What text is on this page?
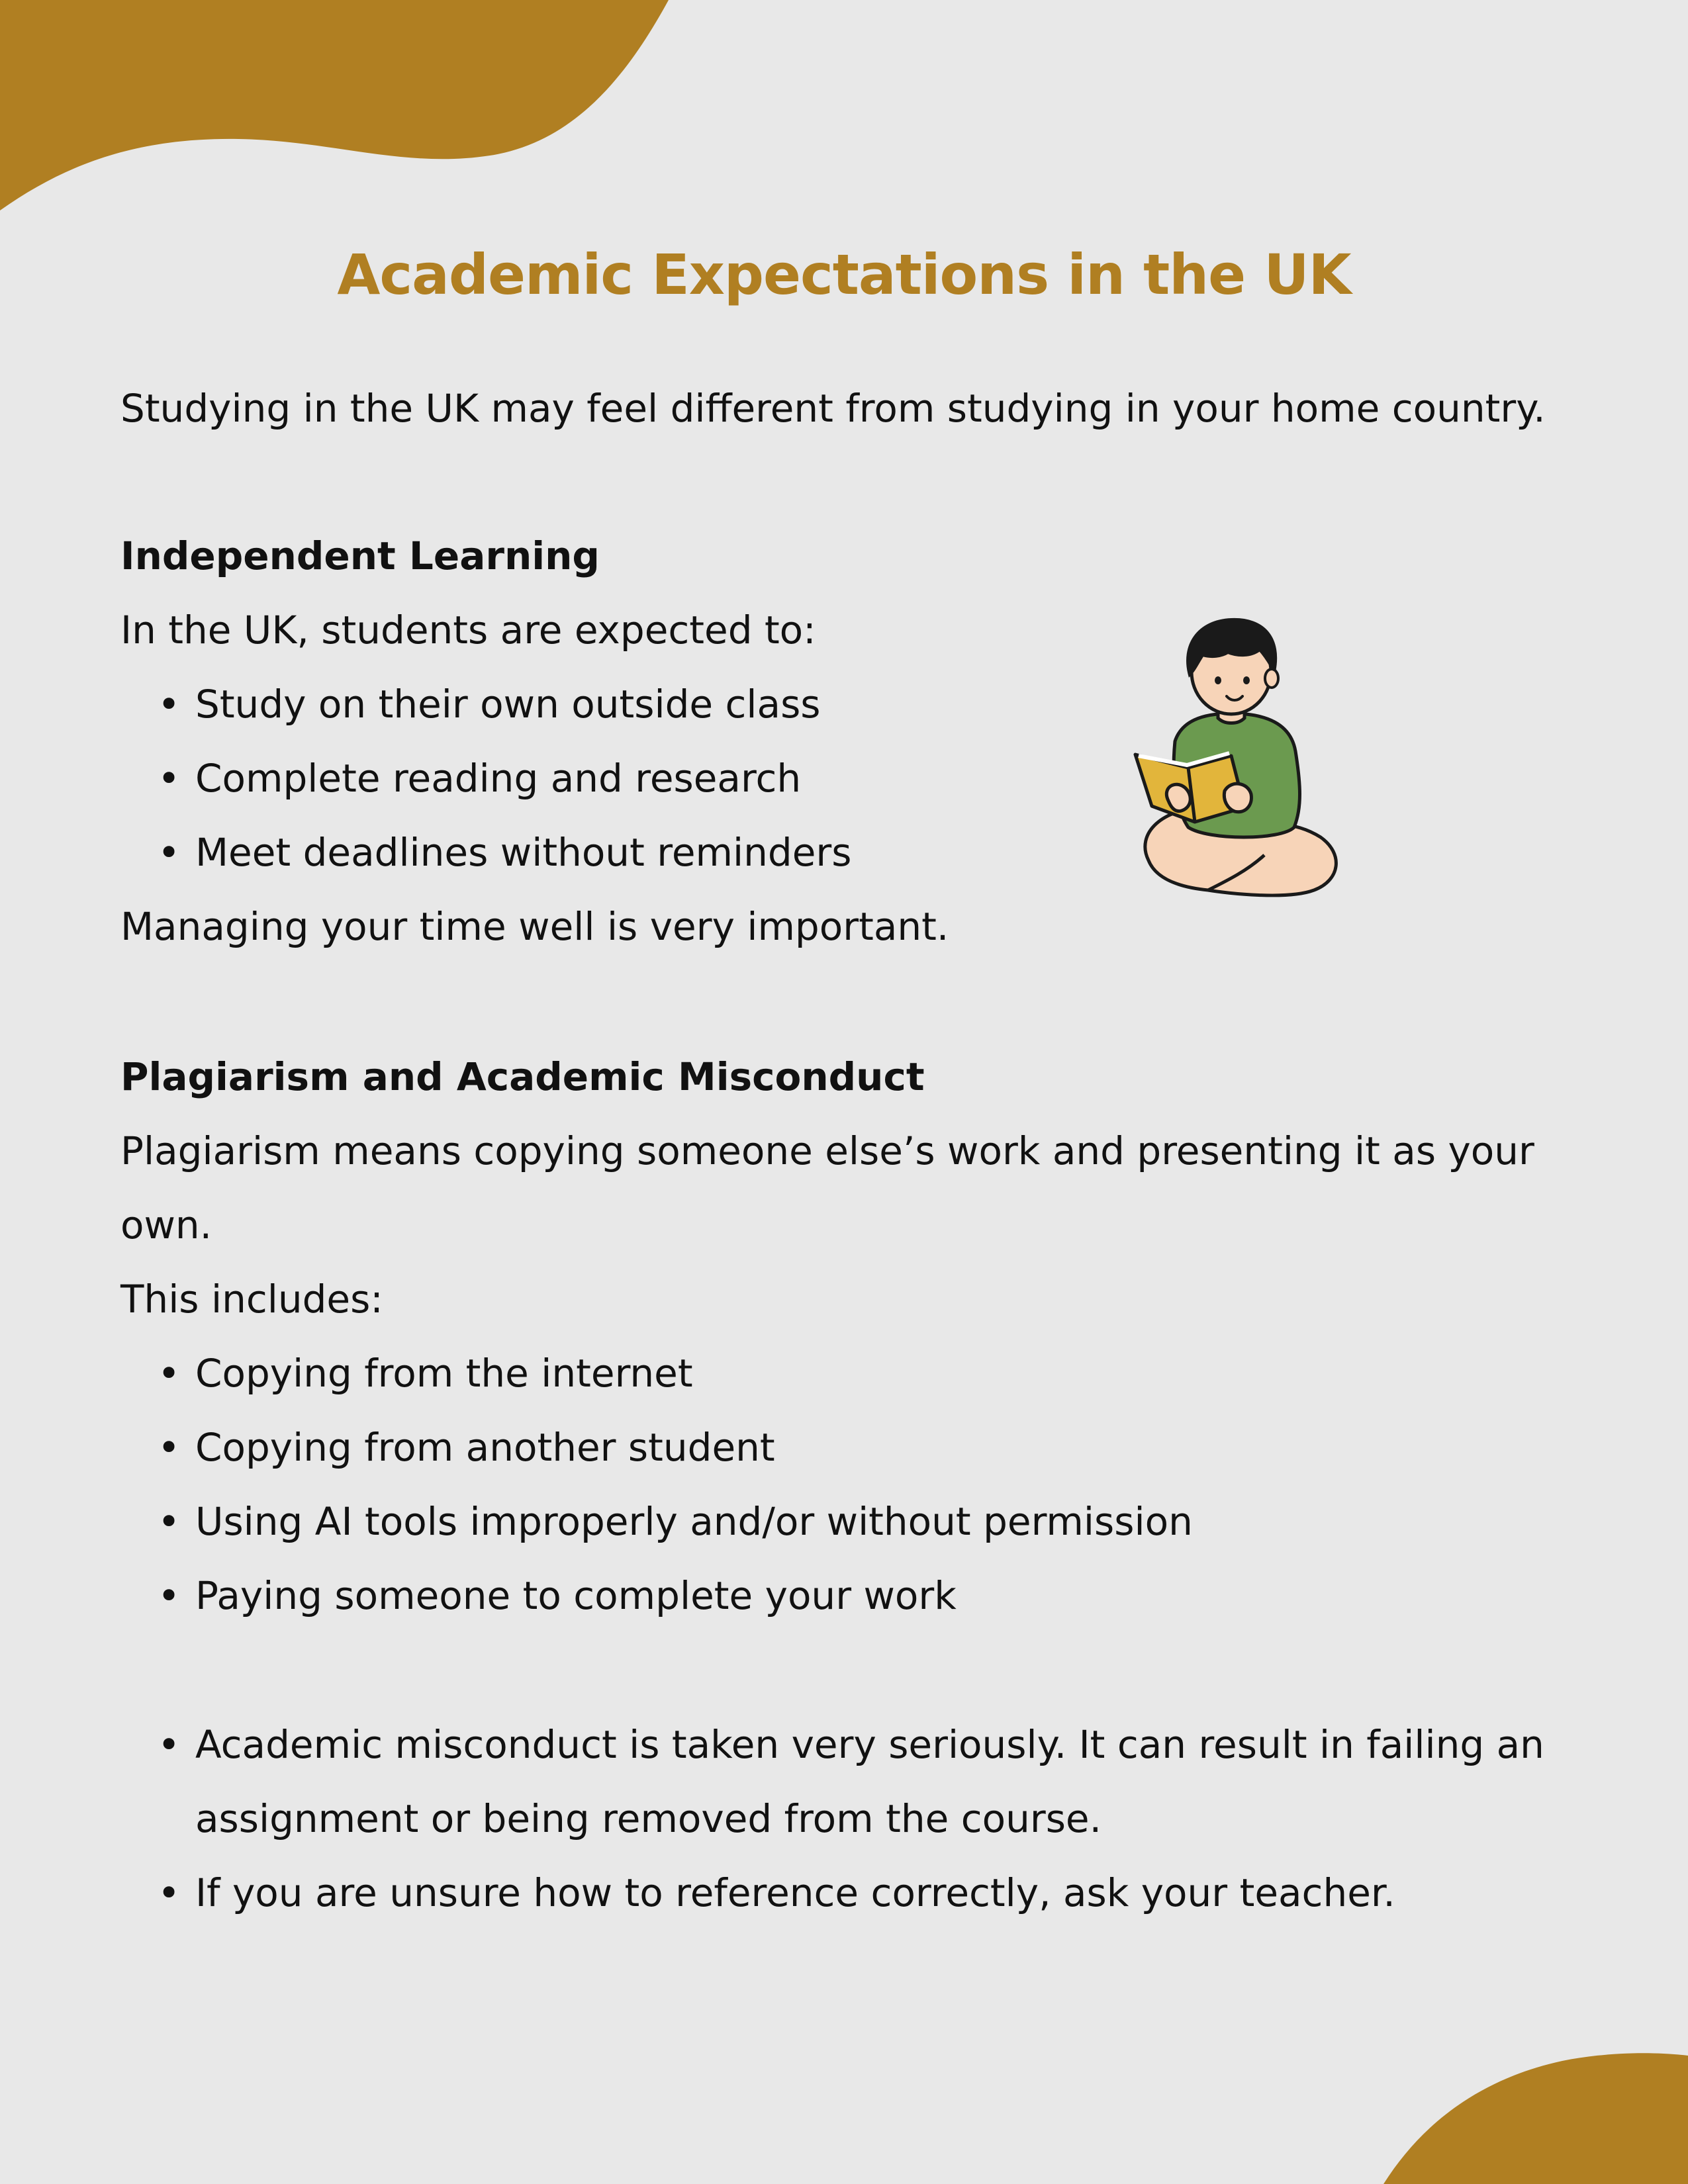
Academic Expectations in the UK
Studying in the UK may feel different from studying in your home country.
Independent Learning
In the UK, students are expected to:
• Study on their own outside class
• Complete reading and research
• Meet deadlines without reminders
Managing your time well is very important.
Plagiarism and Academic Misconduct
Plagiarism means copying someone else’s work and presenting it as your
own.
This includes:
• Copying from the internet
• Copying from another student
• Using AI tools improperly and/or without permission
• Paying someone to complete your work
• Academic misconduct is taken very seriously. It can result in failing an
assignment or being removed from the course.
• If you are unsure how to reference correctly, ask your teacher.
